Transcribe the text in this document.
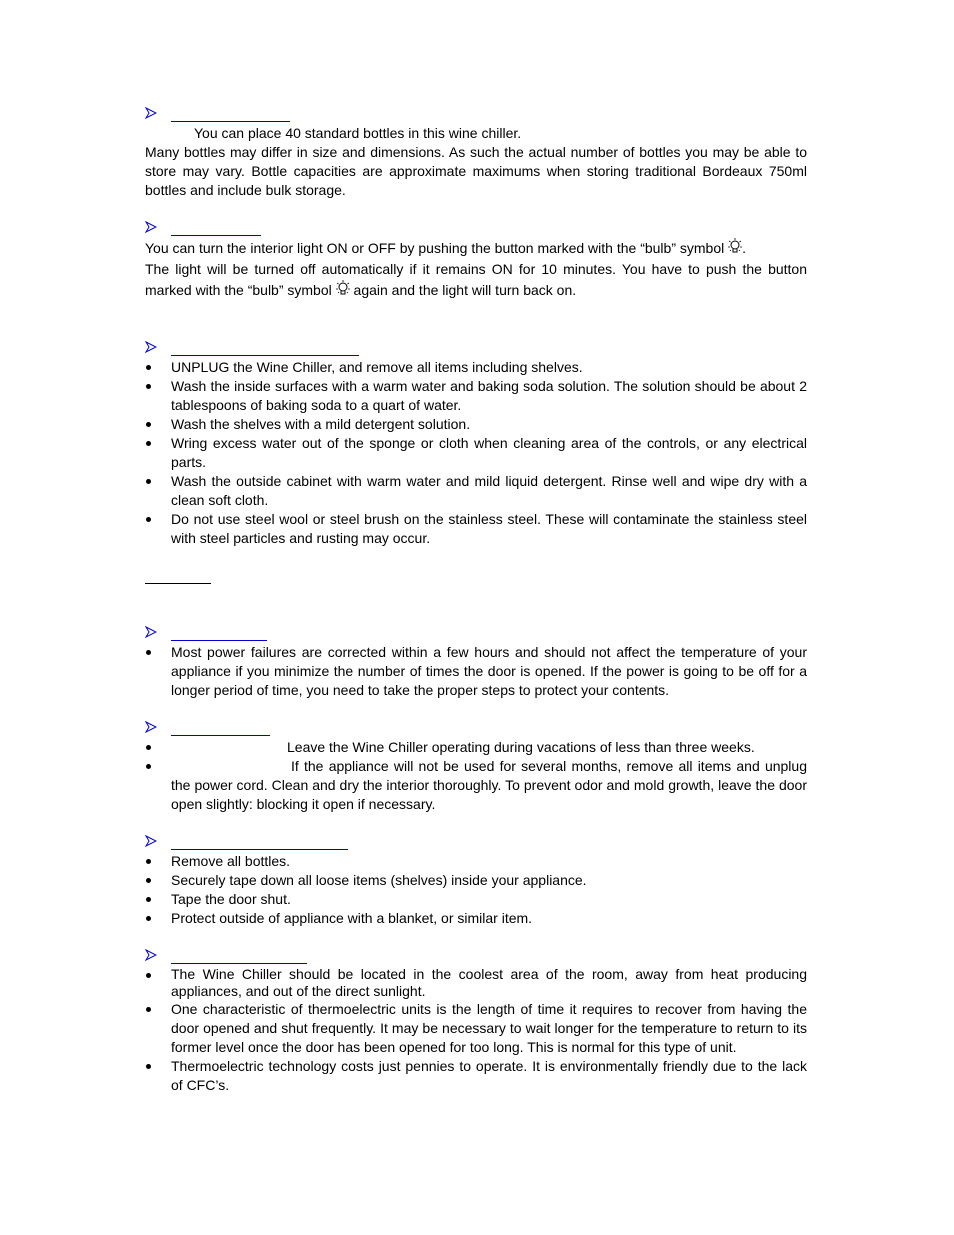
You can place 40 standard bottles in this wine chiller.

Many bottles may differ in size and dimensions. As such the actual number of bottles you may be able to store may vary. Bottle capacities are approximate maximums when storing traditional Bordeaux 750ml bottles and include bulk storage.

You can turn the interior light ON or OFF by pushing the button marked with the “bulb” symbol .
The light will be turned off automatically if it remains ON for 10 minutes. You have to push the button marked with the “bulb” symbol again and the light will turn back on.

UNPLUG the Wine Chiller, and remove all items including shelves.
Wash the inside surfaces with a warm water and baking soda solution. The solution should be about 2 tablespoons of baking soda to a quart of water.
Wash the shelves with a mild detergent solution.
Wring excess water out of the sponge or cloth when cleaning area of the controls, or any electrical parts.
Wash the outside cabinet with warm water and mild liquid detergent. Rinse well and wipe dry with a clean soft cloth.
Do not use steel wool or steel brush on the stainless steel. These will contaminate the stainless steel with steel particles and rusting may occur.
Most power failures are corrected within a few hours and should not affect the temperature of your appliance if you minimize the number of times the door is opened. If the power is going to be off for a longer period of time, you need to take the proper steps to protect your contents.
Leave the Wine Chiller operating during vacations of less than three weeks.
If the appliance will not be used for several months, remove all items and unplug the power cord. Clean and dry the interior thoroughly. To prevent odor and mold growth, leave the door open slightly: blocking it open if necessary.
Remove all bottles.
Securely tape down all loose items (shelves) inside your appliance.
Tape the door shut.
Protect outside of appliance with a blanket, or similar item.
The Wine Chiller should be located in the coolest area of the room, away from heat producing appliances, and out of the direct sunlight.
One characteristic of thermoelectric units is the length of time it requires to recover from having the door opened and shut frequently. It may be necessary to wait longer for the temperature to return to its former level once the door has been opened for too long. This is normal for this type of unit.
Thermoelectric technology costs just pennies to operate. It is environmentally friendly due to the lack of CFC’s.
